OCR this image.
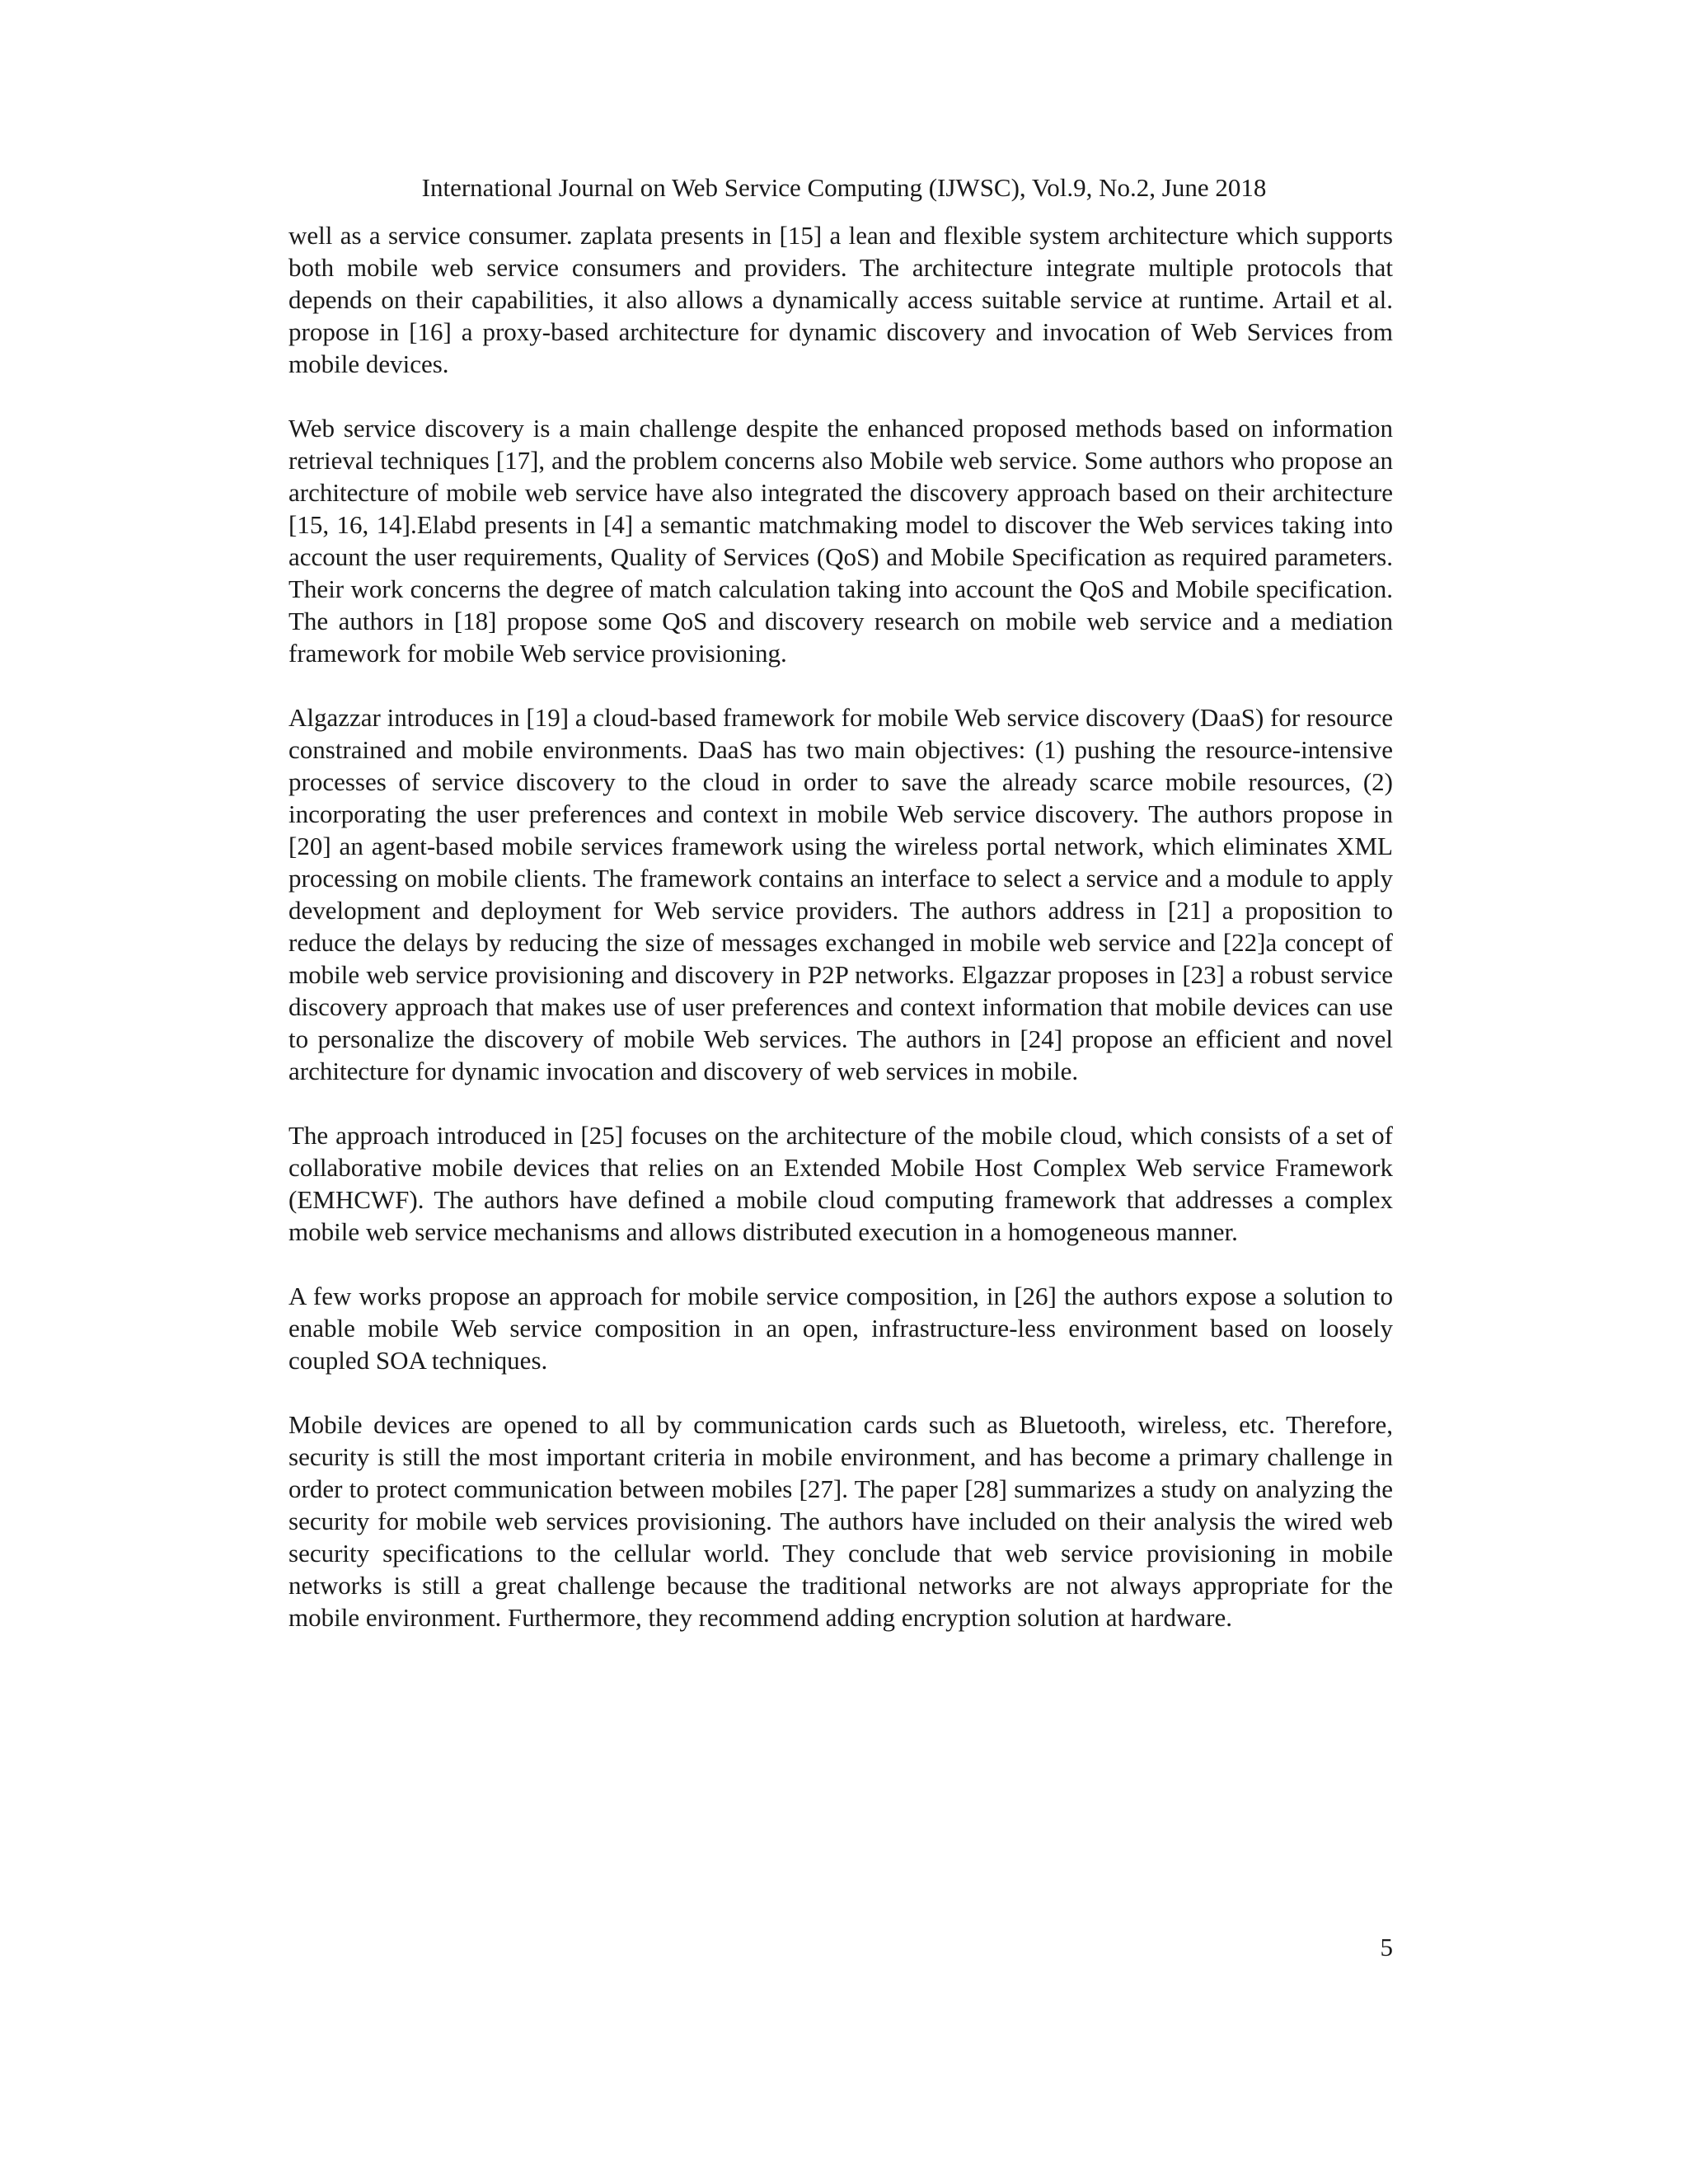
International Journal on Web Service Computing (IJWSC), Vol.9, No.2, June 2018

well as a service consumer. zaplata presents in [15] a lean and flexible system architecture which supports both mobile web service consumers and providers. The architecture integrate multiple protocols that depends on their capabilities, it also allows a dynamically access suitable service at runtime. Artail et al. propose in [16] a proxy-based architecture for dynamic discovery and invocation of Web Services from mobile devices.

Web service discovery is a main challenge despite the enhanced proposed methods based on information retrieval techniques [17], and the problem concerns also Mobile web service. Some authors who propose an architecture of mobile web service have also integrated the discovery approach based on their architecture [15, 16, 14].Elabd presents in [4] a semantic matchmaking model to discover the Web services taking into account the user requirements, Quality of Services (QoS) and Mobile Specification as required parameters. Their work concerns the degree of match calculation taking into account the QoS and Mobile specification. The authors in [18] propose some QoS and discovery research on mobile web service and a mediation framework for mobile Web service provisioning.

Algazzar introduces in [19] a cloud-based framework for mobile Web service discovery (DaaS) for resource constrained and mobile environments. DaaS has two main objectives: (1) pushing the resource-intensive processes of service discovery to the cloud in order to save the already scarce mobile resources, (2) incorporating the user preferences and context in mobile Web service discovery. The authors propose in [20] an agent-based mobile services framework using the wireless portal network, which eliminates XML processing on mobile clients. The framework contains an interface to select a service and a module to apply development and deployment for Web service providers. The authors address in [21] a proposition to reduce the delays by reducing the size of messages exchanged in mobile web service and [22]a concept of mobile web service provisioning and discovery in P2P networks. Elgazzar proposes in [23] a robust service discovery approach that makes use of user preferences and context information that mobile devices can use to personalize the discovery of mobile Web services. The authors in [24] propose an efficient and novel architecture for dynamic invocation and discovery of web services in mobile.

The approach introduced in [25] focuses on the architecture of the mobile cloud, which consists of a set of collaborative mobile devices that relies on an Extended Mobile Host Complex Web service Framework (EMHCWF). The authors have defined a mobile cloud computing framework that addresses a complex mobile web service mechanisms and allows distributed execution in a homogeneous manner.

A few works propose an approach for mobile service composition, in [26] the authors expose a solution to enable mobile Web service composition in an open, infrastructure-less environment based on loosely coupled SOA techniques.

Mobile devices are opened to all by communication cards such as Bluetooth, wireless, etc. Therefore, security is still the most important criteria in mobile environment, and has become a primary challenge in order to protect communication between mobiles [27]. The paper [28] summarizes a study on analyzing the security for mobile web services provisioning. The authors have included on their analysis the wired web security specifications to the cellular world. They conclude that web service provisioning in mobile networks is still a great challenge because the traditional networks are not always appropriate for the mobile environment. Furthermore, they recommend adding encryption solution at hardware.

5
